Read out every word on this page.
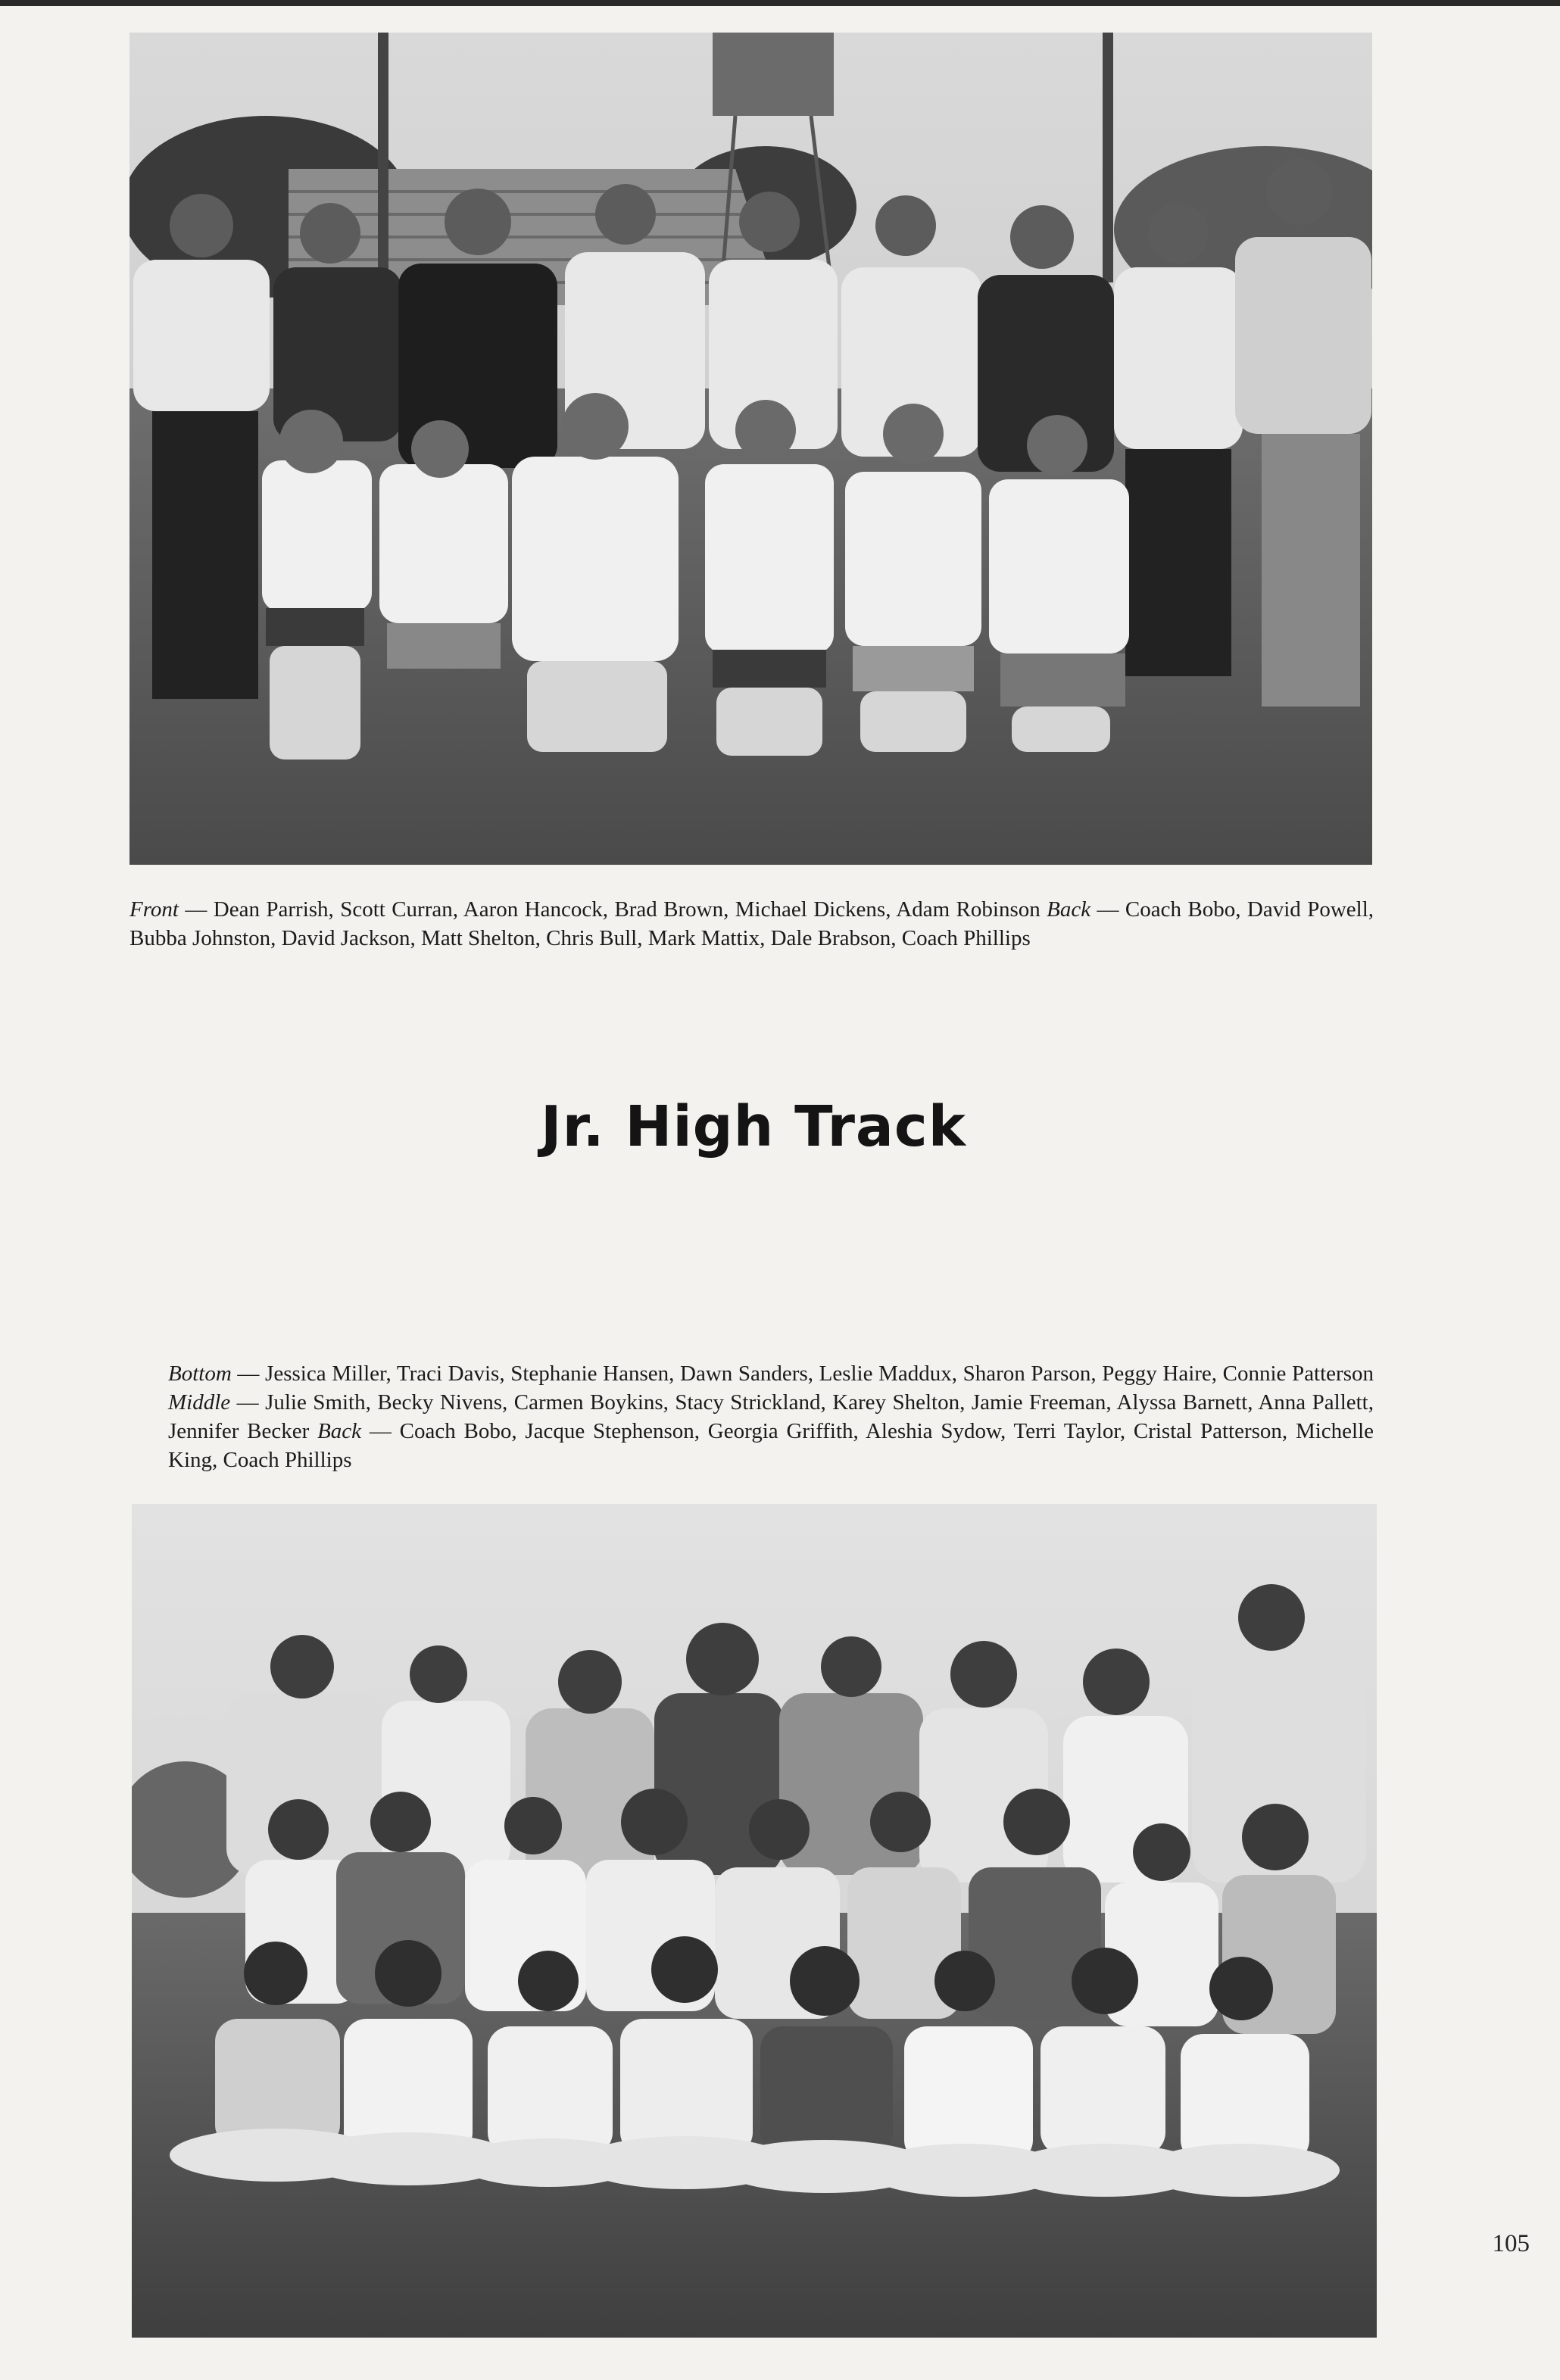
Front — Dean Parrish, Scott Curran, Aaron Hancock, Brad Brown, Michael Dickens, Adam Robinson Back — Coach Bobo, David Powell, Bubba Johnston, David Jackson, Matt Shelton, Chris Bull, Mark Mattix, Dale Brabson, Coach Phillips
Jr. High Track
Bottom — Jessica Miller, Traci Davis, Stephanie Hansen, Dawn Sanders, Leslie Maddux, Sharon Parson, Peggy Haire, Connie Patterson Middle — Julie Smith, Becky Nivens, Carmen Boykins, Stacy Strickland, Karey Shelton, Jamie Freeman, Alyssa Barnett, Anna Pallett, Jennifer Becker Back — Coach Bobo, Jacque Stephenson, Georgia Griffith, Aleshia Sydow, Terri Taylor, Cristal Patterson, Michelle King, Coach Phillips
105
